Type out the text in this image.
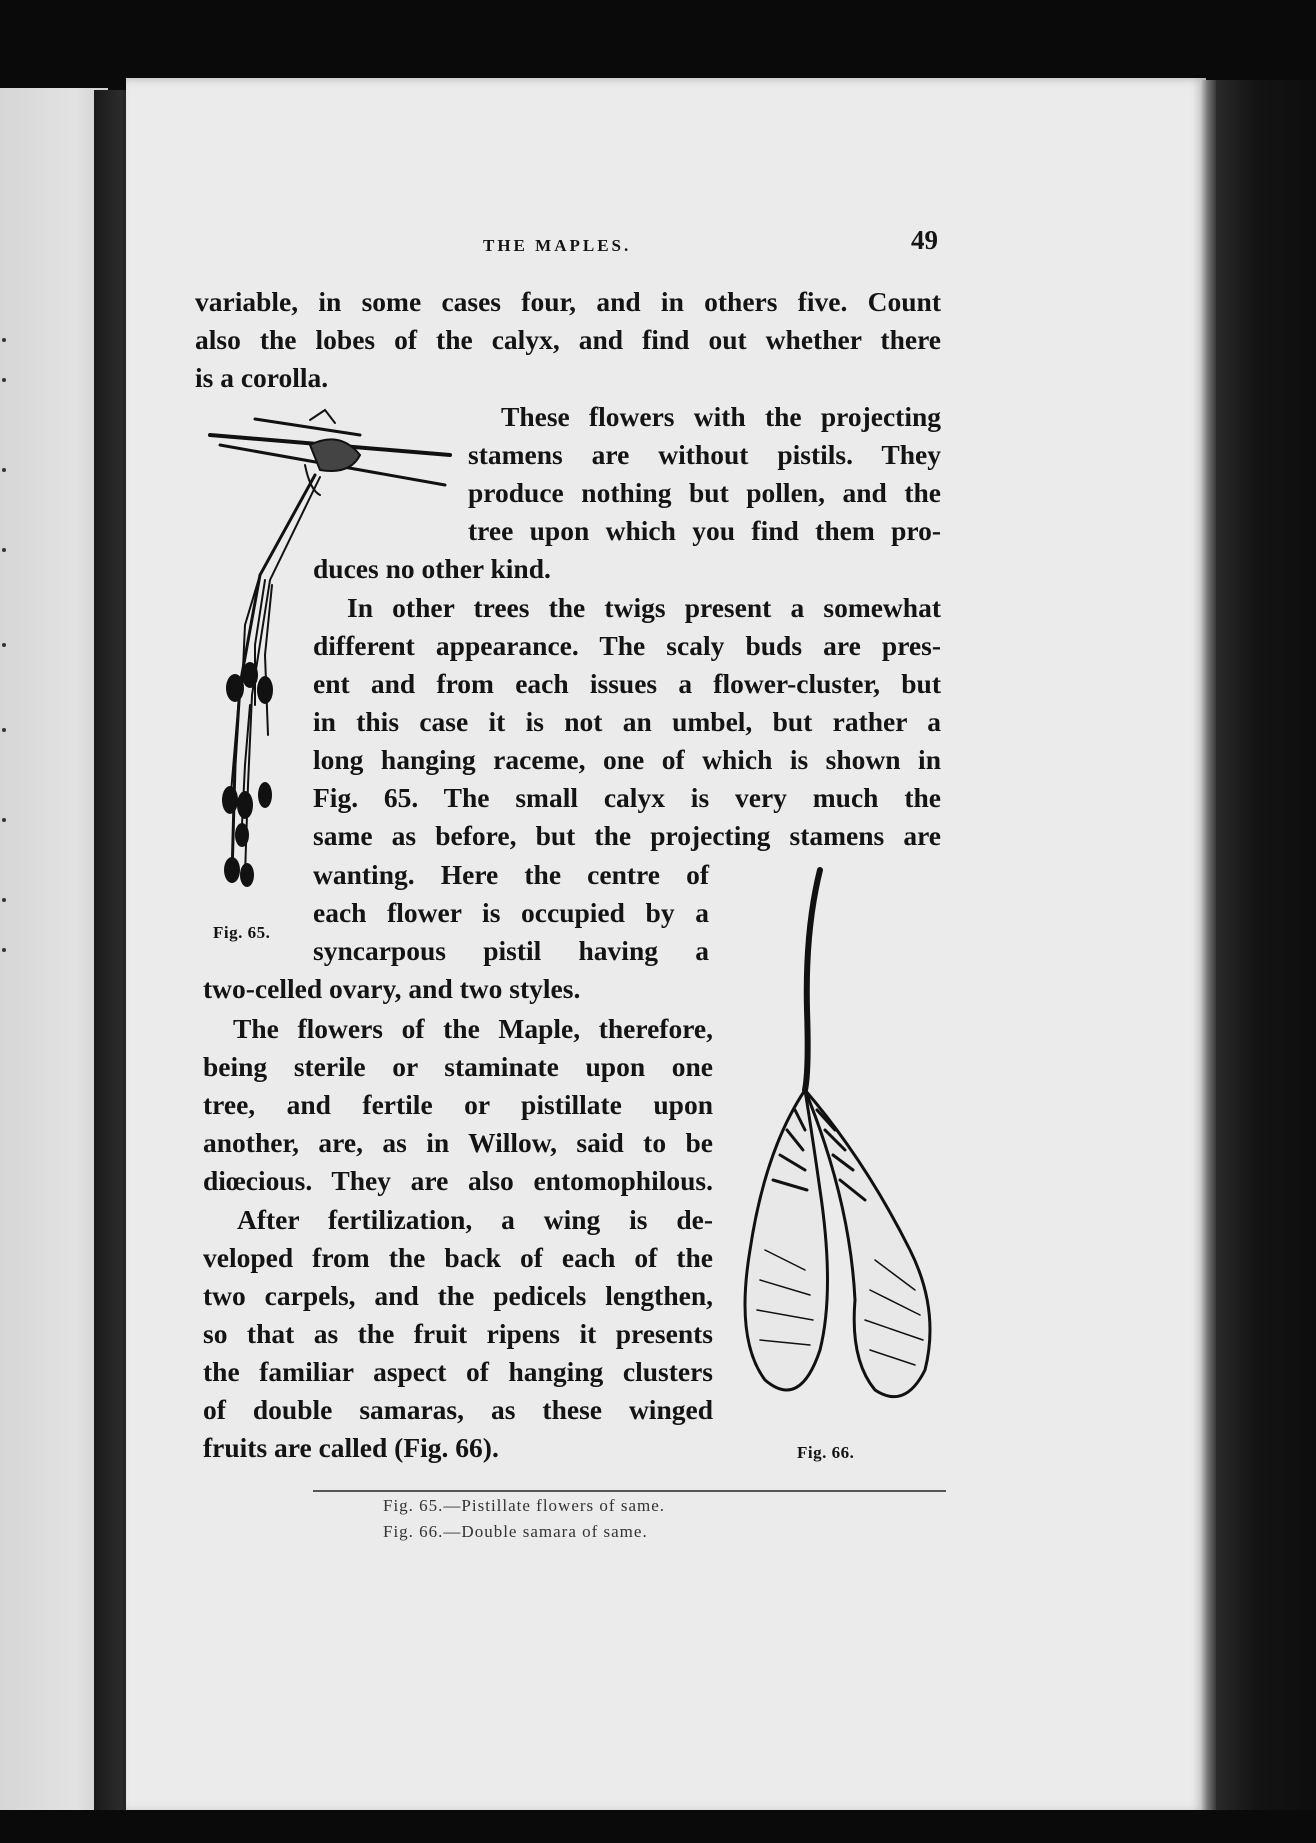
THE MAPLES.	49
variable, in some cases four, and in others five. Count
also the lobes of the calyx, and find out whether there
is a corolla.
These flowers with the projecting
stamens are without pistils. They
produce nothing but pollen, and the
tree upon which you find them pro-
duces no other kind.
In other trees the twigs present a somewhat
different appearance. The scaly buds are pres-
ent and from each issues a flower-cluster, but
in this case it is not an umbel, but rather a
long hanging raceme, one of which is shown in
Fig. 65. The small calyx is very much the
same as before, but the projecting stamens are
wanting. Here the centre of
each flower is occupied by a
syncarpous pistil having a
two-celled ovary, and two styles.
The flowers of the Maple, therefore,
being sterile or staminate upon one
tree, and fertile or pistillate upon
another, are, as in Willow, said to be
diœcious. They are also entomophilous.
After fertilization, a wing is de-
veloped from the back of each of the
two carpels, and the pedicels lengthen,
so that as the fruit ripens it presents
the familiar aspect of hanging clusters
of double samaras, as these winged
fruits are called (Fig. 66).
Fig. 65.
Fig. 66.
Fig. 65.—Pistillate flowers of same.
Fig. 66.—Double samara of same.
